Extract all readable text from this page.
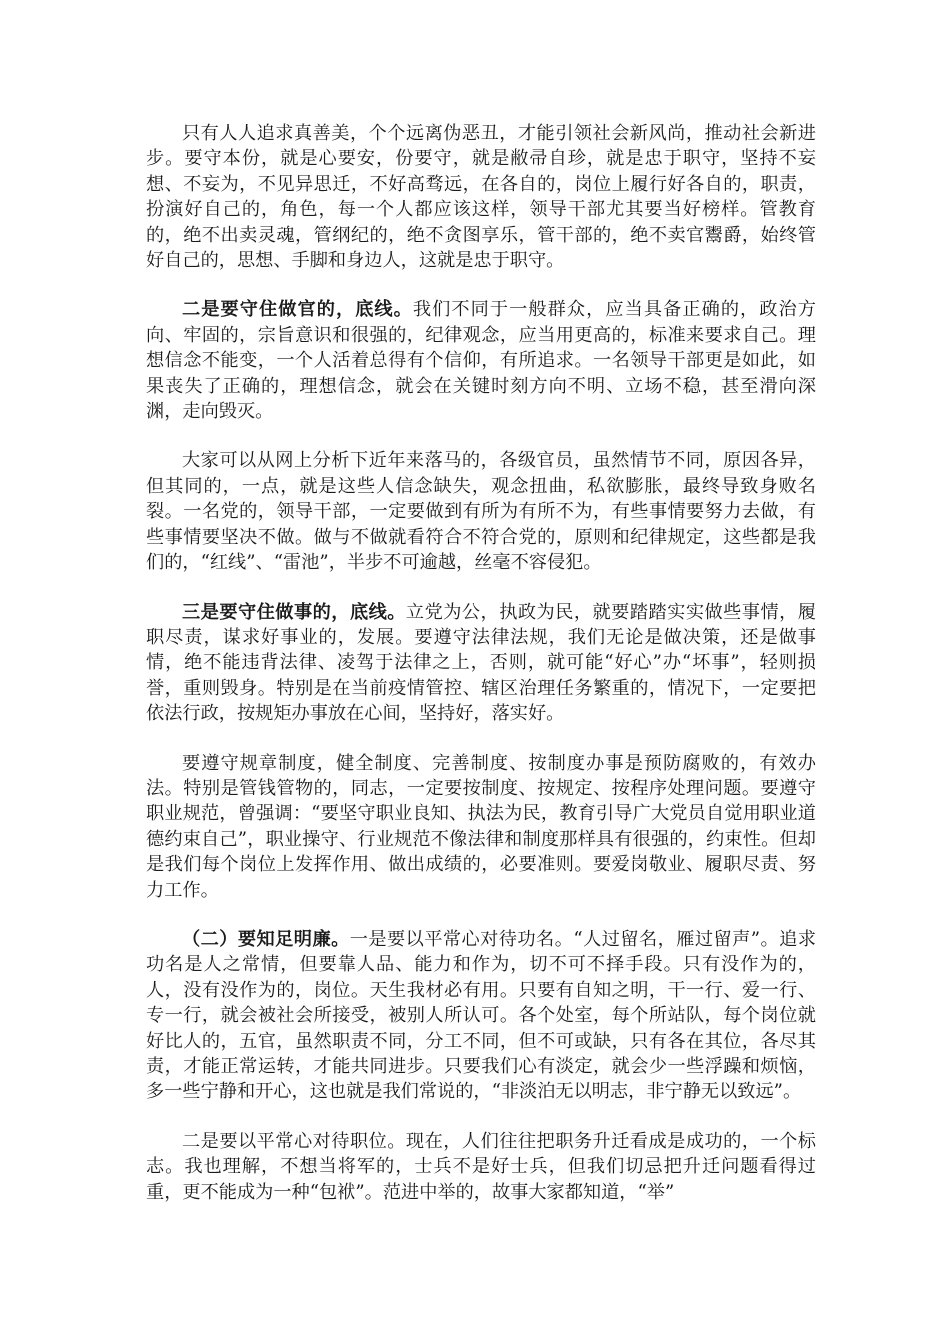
只有人人追求真善美，个个远离伪恶丑，才能引领社会新风尚，推动社会新进步。要守本份，就是心要安，份要守，就是敝帚自珍，就是忠于职守，坚持不妄想、不妄为，不见异思迁，不好高骛远，在各自的，岗位上履行好各自的，职责，扮演好自己的，角色，每一个人都应该这样，领导干部尤其要当好榜样。管教育的，绝不出卖灵魂，管纲纪的，绝不贪图享乐，管干部的，绝不卖官鬻爵，始终管好自己的，思想、手脚和身边人，这就是忠于职守。

二是要守住做官的，底线。我们不同于一般群众，应当具备正确的，政治方向、牢固的，宗旨意识和很强的，纪律观念，应当用更高的，标准来要求自己。理想信念不能变，一个人活着总得有个信仰，有所追求。一名领导干部更是如此，如果丧失了正确的，理想信念，就会在关键时刻方向不明、立场不稳，甚至滑向深渊，走向毁灭。

大家可以从网上分析下近年来落马的，各级官员，虽然情节不同，原因各异，但其同的，一点，就是这些人信念缺失，观念扭曲，私欲膨胀，最终导致身败名裂。一名党的，领导干部，一定要做到有所为有所不为，有些事情要努力去做，有些事情要坚决不做。做与不做就看符合不符合党的，原则和纪律规定，这些都是我们的，“红线”、“雷池”，半步不可逾越，丝毫不容侵犯。

三是要守住做事的，底线。立党为公，执政为民，就要踏踏实实做些事情，履职尽责，谋求好事业的，发展。要遵守法律法规，我们无论是做决策，还是做事情，绝不能违背法律、凌驾于法律之上，否则，就可能“好心”办“坏事”，轻则损誉，重则毁身。特别是在当前疫情管控、辖区治理任务繁重的，情况下，一定要把依法行政，按规矩办事放在心间，坚持好，落实好。

要遵守规章制度，健全制度、完善制度、按制度办事是预防腐败的，有效办法。特别是管钱管物的，同志，一定要按制度、按规定、按程序处理问题。要遵守职业规范，曾强调：“要坚守职业良知、执法为民，教育引导广大党员自觉用职业道德约束自己”，职业操守、行业规范不像法律和制度那样具有很强的，约束性。但却是我们每个岗位上发挥作用、做出成绩的，必要准则。要爱岗敬业、履职尽责、努力工作。

（二）要知足明廉。一是要以平常心对待功名。“人过留名，雁过留声”。追求功名是人之常情，但要靠人品、能力和作为，切不可不择手段。只有没作为的，人，没有没作为的，岗位。天生我材必有用。只要有自知之明，干一行、爱一行、专一行，就会被社会所接受，被别人所认可。各个处室，每个所站队，每个岗位就好比人的，五官，虽然职责不同，分工不同，但不可或缺，只有各在其位，各尽其责，才能正常运转，才能共同进步。只要我们心有淡定，就会少一些浮躁和烦恼，多一些宁静和开心，这也就是我们常说的，“非淡泊无以明志，非宁静无以致远”。

二是要以平常心对待职位。现在，人们往往把职务升迁看成是成功的，一个标志。我也理解，不想当将军的，士兵不是好士兵，但我们切忌把升迁问题看得过重，更不能成为一种“包袱”。范进中举的，故事大家都知道，“举”
